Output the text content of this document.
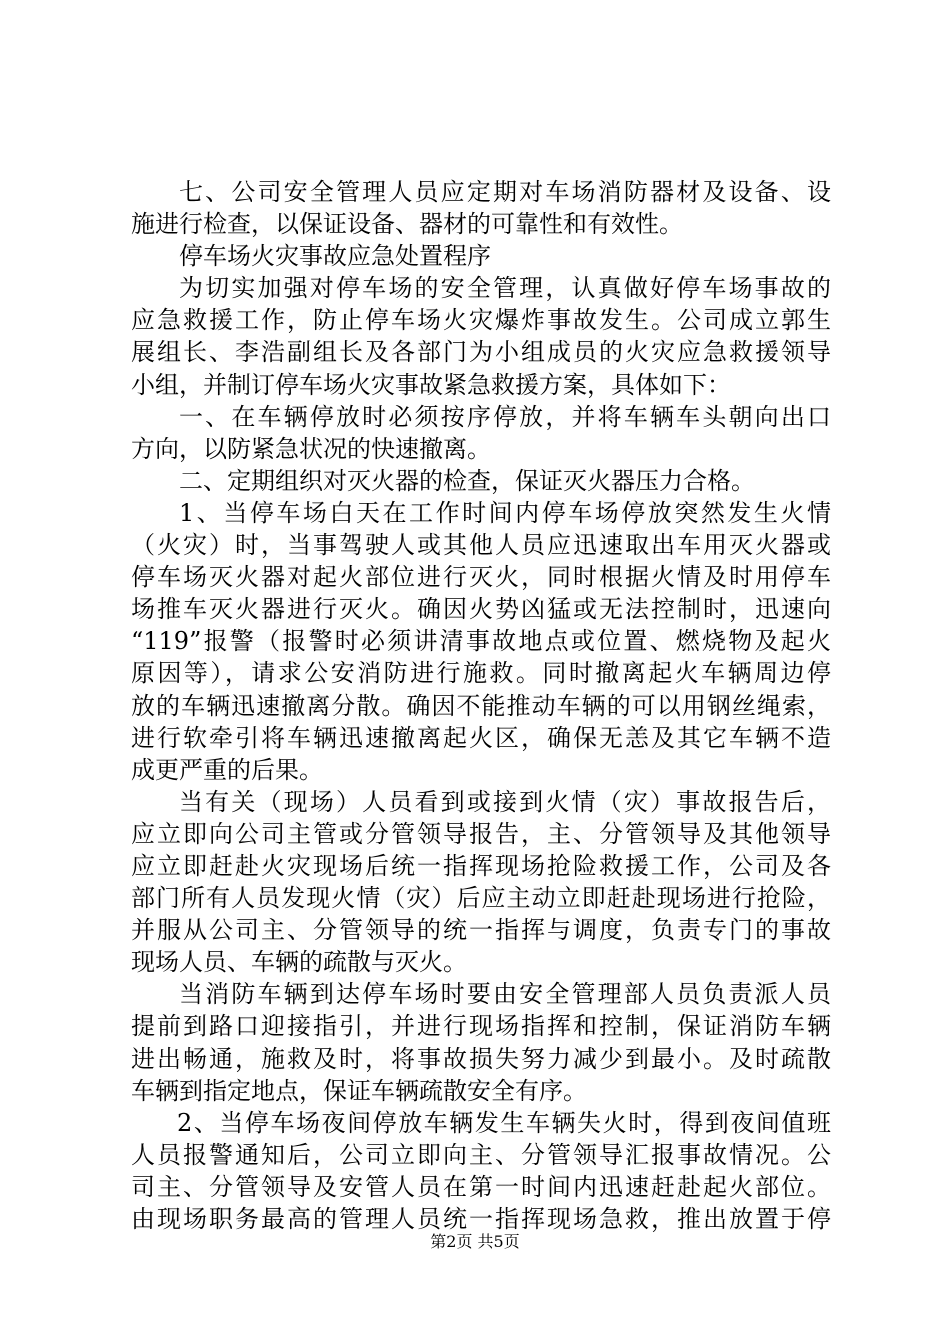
七、公司安全管理人员应定期对车场消防器材及设备、设
施进行检查，以保证设备、器材的可靠性和有效性。
停车场火灾事故应急处置程序
为切实加强对停车场的安全管理，认真做好停车场事故的
应急救援工作，防止停车场火灾爆炸事故发生。公司成立郭生
展组长、李浩副组长及各部门为小组成员的火灾应急救援领导
小组，并制订停车场火灾事故紧急救援方案，具体如下：
一、在车辆停放时必须按序停放，并将车辆车头朝向出口
方向，以防紧急状况的快速撤离。
二、定期组织对灭火器的检查，保证灭火器压力合格。
1、当停车场白天在工作时间内停车场停放突然发生火情
（火灾）时，当事驾驶人或其他人员应迅速取出车用灭火器或
停车场灭火器对起火部位进行灭火，同时根据火情及时用停车
场推车灭火器进行灭火。确因火势凶猛或无法控制时，迅速向
“119”报警（报警时必须讲清事故地点或位置、燃烧物及起火
原因等），请求公安消防进行施救。同时撤离起火车辆周边停
放的车辆迅速撤离分散。确因不能推动车辆的可以用钢丝绳索，
进行软牵引将车辆迅速撤离起火区，确保无恙及其它车辆不造
成更严重的后果。
当有关（现场）人员看到或接到火情（灾）事故报告后，
应立即向公司主管或分管领导报告，主、分管领导及其他领导
应立即赶赴火灾现场后统一指挥现场抢险救援工作，公司及各
部门所有人员发现火情（灾）后应主动立即赶赴现场进行抢险，
并服从公司主、分管领导的统一指挥与调度，负责专门的事故
现场人员、车辆的疏散与灭火。
当消防车辆到达停车场时要由安全管理部人员负责派人员
提前到路口迎接指引，并进行现场指挥和控制，保证消防车辆
进出畅通，施救及时，将事故损失努力减少到最小。及时疏散
车辆到指定地点，保证车辆疏散安全有序。
2、当停车场夜间停放车辆发生车辆失火时，得到夜间值班
人员报警通知后，公司立即向主、分管领导汇报事故情况。公
司主、分管领导及安管人员在第一时间内迅速赶赴起火部位。
由现场职务最高的管理人员统一指挥现场急救，推出放置于停
第2页 共5页
